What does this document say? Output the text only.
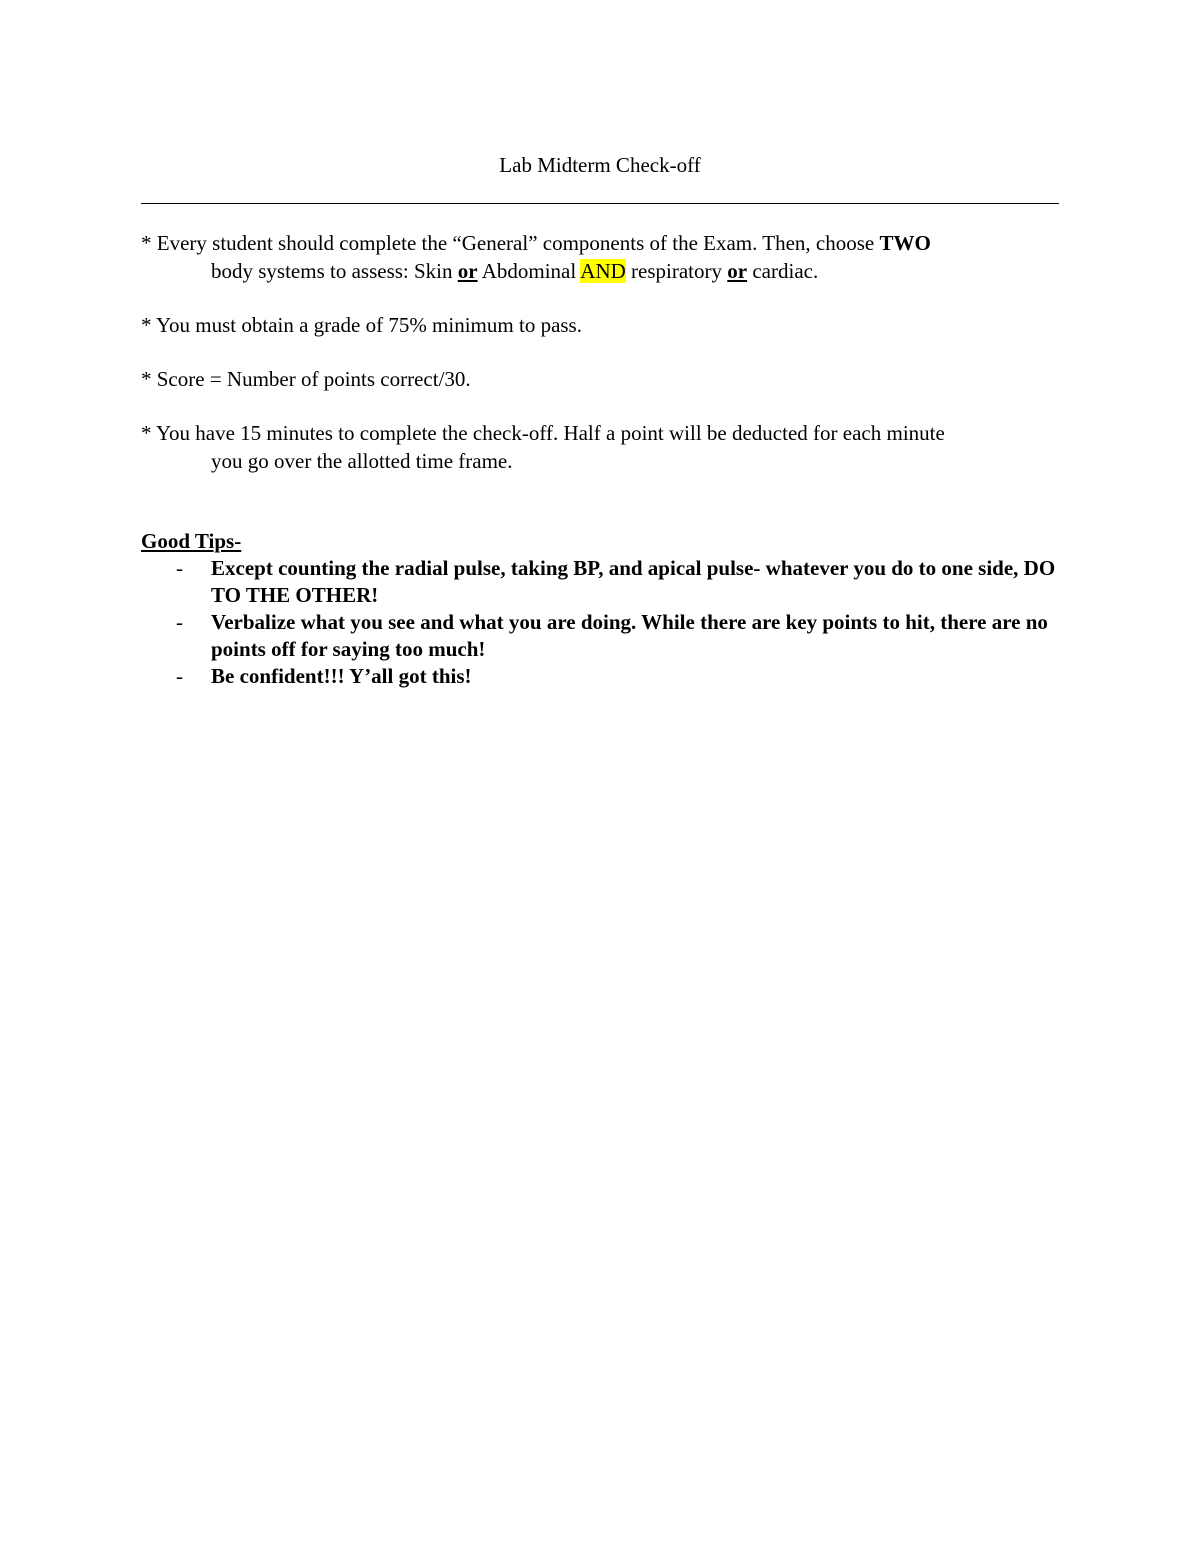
Lab Midterm Check-off

* Every student should complete the “General” components of the Exam. Then, choose TWO
body systems to assess: Skin or Abdominal AND respiratory or cardiac.

* You must obtain a grade of 75% minimum to pass.

* Score = Number of points correct/30.

* You have 15 minutes to complete the check-off. Half a point will be deducted for each minute
you go over the allotted time frame.

Good Tips-
- Except counting the radial pulse, taking BP, and apical pulse- whatever you do to one side, DO TO THE OTHER!
- Verbalize what you see and what you are doing. While there are key points to hit, there are no points off for saying too much!
- Be confident!!! Y’all got this!
